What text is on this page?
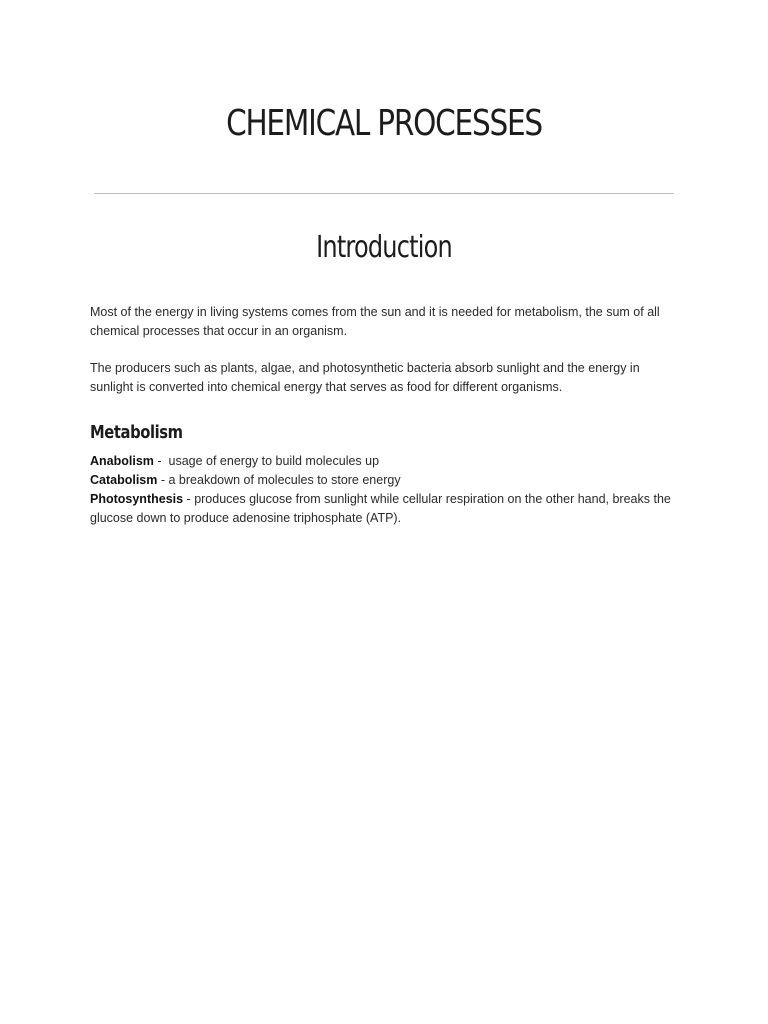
CHEMICAL PROCESSES
Introduction

Most of the energy in living systems comes from the sun and it is needed for metabolism, the sum of all chemical processes that occur in an organism.

The producers such as plants, algae, and photosynthetic bacteria absorb sunlight and the energy in sunlight is converted into chemical energy that serves as food for different organisms.

Metabolism
Anabolism -  usage of energy to build molecules up
Catabolism - a breakdown of molecules to store energy
Photosynthesis - produces glucose from sunlight while cellular respiration on the other hand, breaks the glucose down to produce adenosine triphosphate (ATP).
